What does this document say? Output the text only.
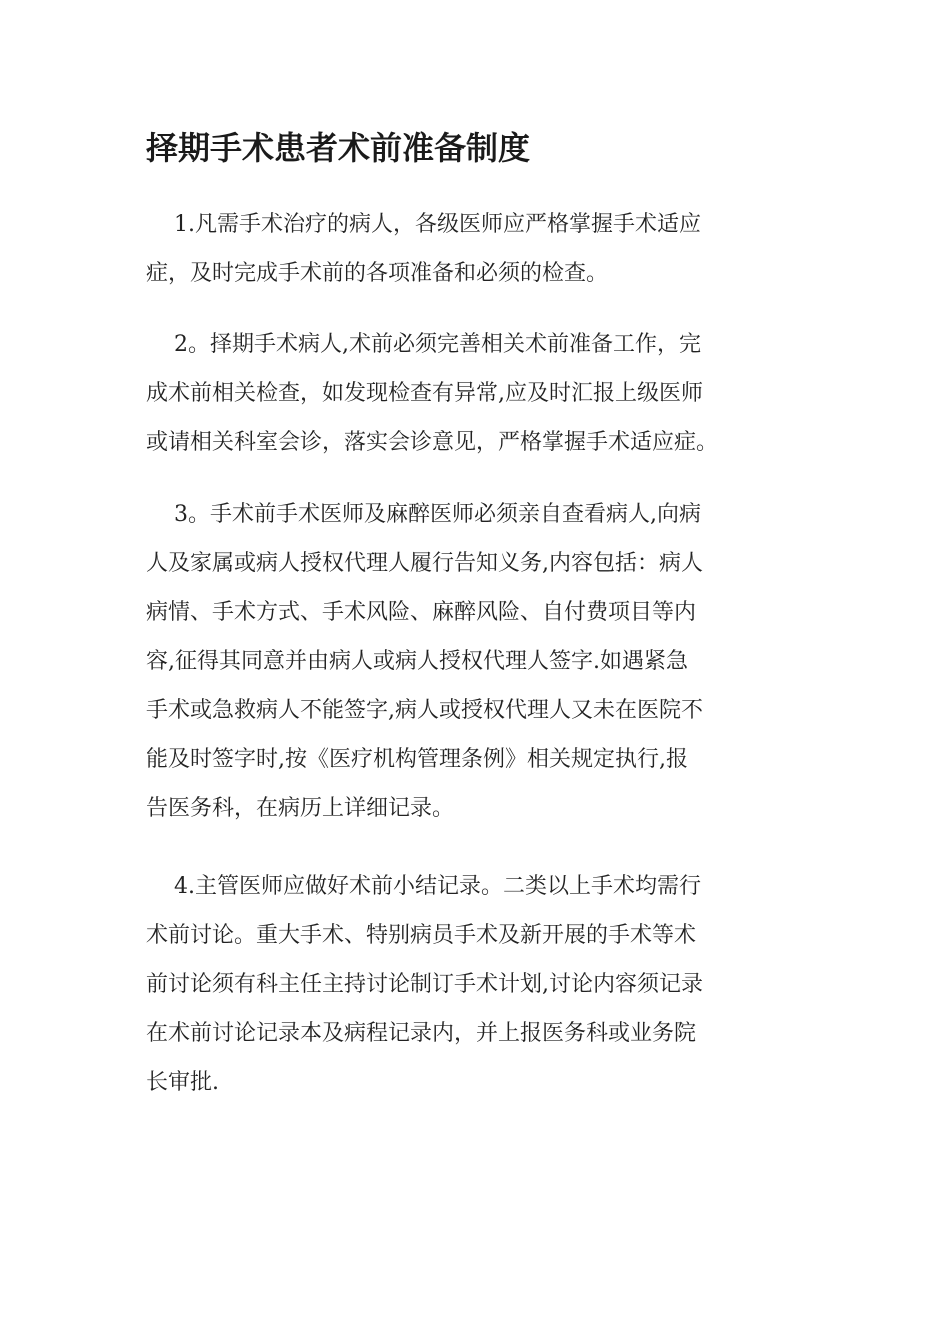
择期手术患者术前准备制度

1.凡需手术治疗的病人，各级医师应严格掌握手术适应
症，及时完成手术前的各项准备和必须的检查。

2。择期手术病人,术前必须完善相关术前准备工作，完
成术前相关检查，如发现检查有异常,应及时汇报上级医师
或请相关科室会诊，落实会诊意见，严格掌握手术适应症。

3。手术前手术医师及麻醉医师必须亲自查看病人,向病
人及家属或病人授权代理人履行告知义务,内容包括：病人
病情、手术方式、手术风险、麻醉风险、自付费项目等内
容,征得其同意并由病人或病人授权代理人签字.如遇紧急
手术或急救病人不能签字,病人或授权代理人又未在医院不
能及时签字时,按《医疗机构管理条例》相关规定执行,报
告医务科，在病历上详细记录。

4.主管医师应做好术前小结记录。二类以上手术均需行
术前讨论。重大手术、特别病员手术及新开展的手术等术
前讨论须有科主任主持讨论制订手术计划,讨论内容须记录
在术前讨论记录本及病程记录内，并上报医务科或业务院
长审批.
